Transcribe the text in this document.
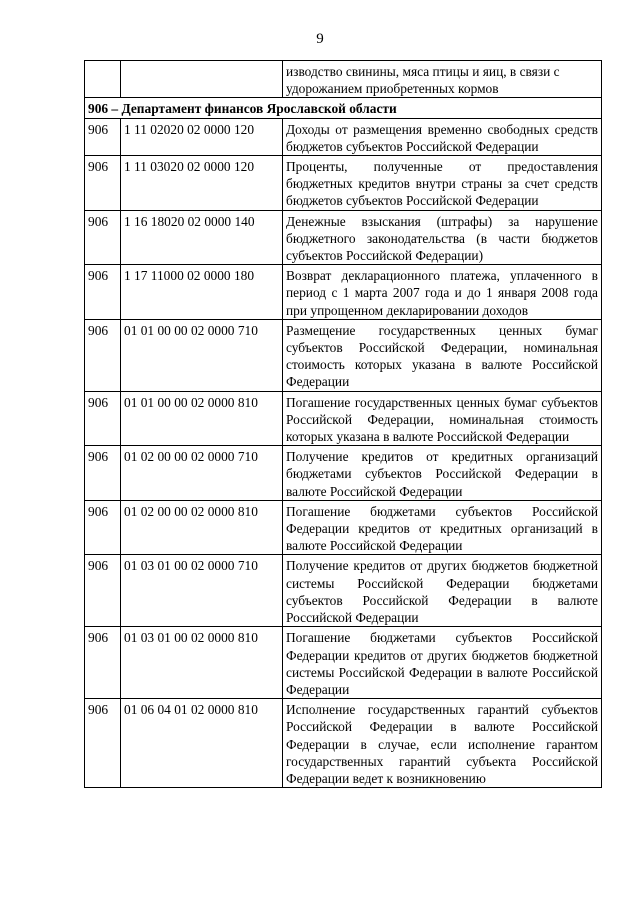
9

		изводство свинины, мяса птицы и яиц, в связи с
удорожанием приобретенных кормов

906 – Департамент финансов Ярославской области		
906	1 11 02020 02 0000 120	Доходы от размещения временно свободных средств бюджетов субъектов Российской Федерации
906	1 11 03020 02 0000 120	Проценты, полученные от предоставления бюджетных кредитов внутри страны за счет средств бюджетов субъектов Российской Федерации
906	1 16 18020 02 0000 140	Денежные взыскания (штрафы) за нарушение бюджетного законодательства (в части бюджетов субъектов Российской Федерации)
906	1 17 11000 02 0000 180	Возврат декларационного платежа, уплаченного в период с 1 марта 2007 года и до 1 января 2008 года при упрощенном декларировании доходов
906	01 01 00 00 02 0000 710	Размещение государственных ценных бумаг субъектов Российской Федерации, номинальная стоимость которых указана в валюте Российской Федерации
906	01 01 00 00 02 0000 810	Погашение государственных ценных бумаг субъектов Российской Федерации, номинальная стоимость которых указана в валюте Российской Федерации
906	01 02 00 00 02 0000 710	Получение кредитов от кредитных организаций бюджетами субъектов Российской Федерации в валюте Российской Федерации
906	01 02 00 00 02 0000 810	Погашение бюджетами субъектов Российской Федерации кредитов от кредитных организаций в валюте Российской Федерации
906	01 03 01 00 02 0000 710	Получение кредитов от других бюджетов бюджетной системы Российской Федерации бюджетами субъектов Российской Федерации в валюте Российской Федерации
906	01 03 01 00 02 0000 810	Погашение бюджетами субъектов Российской Федерации кредитов от других бюджетов бюджетной системы Российской Федерации в валюте Российской Федерации
906	01 06 04 01 02 0000 810	Исполнение государственных гарантий субъектов Российской Федерации в валюте Российской Федерации в случае, если исполнение гарантом государственных гарантий субъекта Российской Федерации ведет к возникновению
